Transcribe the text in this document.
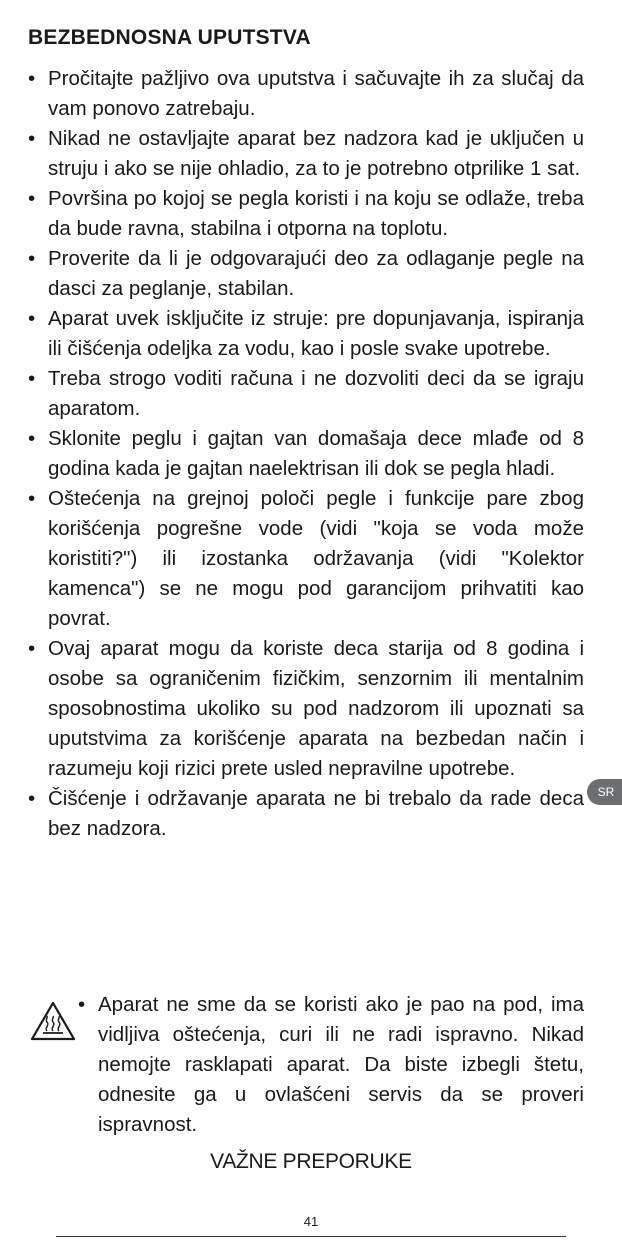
BEZBEDNOSNA UPUTSTVA
• Pročitajte pažljivo ova uputstva i sačuvajte ih za slučaj da vam ponovo zatrebaju.
• Nikad ne ostavljajte aparat bez nadzora kad je uključen u struju i ako se nije ohladio, za to je potrebno otprilike 1 sat.
• Površina po kojoj se pegla koristi i na koju se odlaže, treba da bude ravna, stabilna i otporna na toplotu.
• Proverite da li je odgovarajući deo za odlaganje pegle na dasci za peglanje, stabilan.
• Aparat uvek isključite iz struje: pre dopunjavanja, ispiranja ili čišćenja odeljka za vodu, kao i posle svake upotrebe.
• Treba strogo voditi računa i ne dozvoliti deci da se igraju aparatom.
• Sklonite peglu i gajtan van domašaja dece mlađe od 8 godina kada je gajtan naelektrisan ili dok se pegla hladi.
• Oštećenja na grejnoj poloči pegle i funkcije pare zbog korišćenja pogrešne vode (vidi "koja se voda može koristiti?") ili izostanka održavanja (vidi "Kolektor kamenca") se ne mogu pod garancijom prihvatiti kao povrat.
• Ovaj aparat mogu da koriste deca starija od 8 godina i osobe sa ograničenim fizičkim, senzornim ili mentalnim sposobnostima ukoliko su pod nadzorom ili upoznati sa uputstvima za korišćenje aparata na bezbedan način i razumeju koji rizici prete usled nepravilne upotrebe.
• Čišćenje i održavanje aparata ne bi trebalo da rade deca bez nadzora.

• Aparat ne sme da se koristi ako je pao na pod, ima vidljiva oštećenja, curi ili ne radi ispravno. Nikad nemojte rasklapati aparat. Da biste izbegli štetu, odnesite ga u ovlašćeni servis da se proveri ispravnost.

VAŽNE PREPORUKE
41
SR
